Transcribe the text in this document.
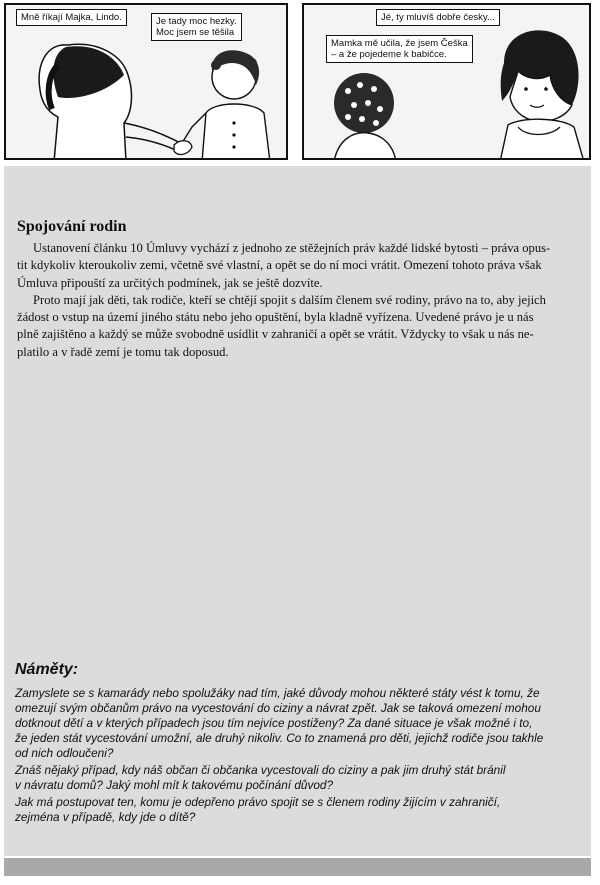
Mně říkají Majka, Lindo.	Je tady moc hezky.
Moc jsem se těšila
Jé, ty mluvíš dobře česky...
Mamka mě učila, že jsem Češka
– a že pojedeme k babičce.
Spojování rodin

Ustanovení článku 10 Úmluvy vychází z jednoho ze stěžejních práv každé lidské bytosti – práva opus-
tit kdykoliv kteroukoliv zemi, včetně své vlastní, a opět se do ní moci vrátit. Omezení tohoto práva však
Úmluva připouští za určitých podmínek, jak se ještě dozvíte.

Proto mají jak děti, tak rodiče, kteří se chtějí spojit s dalším členem své rodiny, právo na to, aby jejich
žádost o vstup na území jiného státu nebo jeho opuštění, byla kladně vyřízena. Uvedené právo je u nás
plně zajištěno a každý se může svobodně usídlit v zahraničí a opět se vrátit. Vždycky to však u nás ne-
platilo a v řadě zemí je tomu tak doposud.

Náměty:

Zamyslete se s kamarády nebo spolužáky nad tím, jaké důvody mohou některé státy vést k tomu, že
omezují svým občanům právo na vycestování do ciziny a návrat zpět. Jak se taková omezení mohou
dotknout dětí a v kterých případech jsou tím nejvíce postiženy? Za dané situace je však možné i to,
že jeden stát vycestování umožní, ale druhý nikoliv. Co to znamená pro děti, jejichž rodiče jsou takhle
od nich odloučeni?

Znáš nějaký případ, kdy náš občan či občanka vycestovali do ciziny a pak jim druhý stát bránil
v návratu domů? Jaký mohl mít k takovému počínání důvod?

Jak má postupovat ten, komu je odepřeno právo spojit se s členem rodiny žijícím v zahraničí,
zejména v případě, kdy jde o dítě?
